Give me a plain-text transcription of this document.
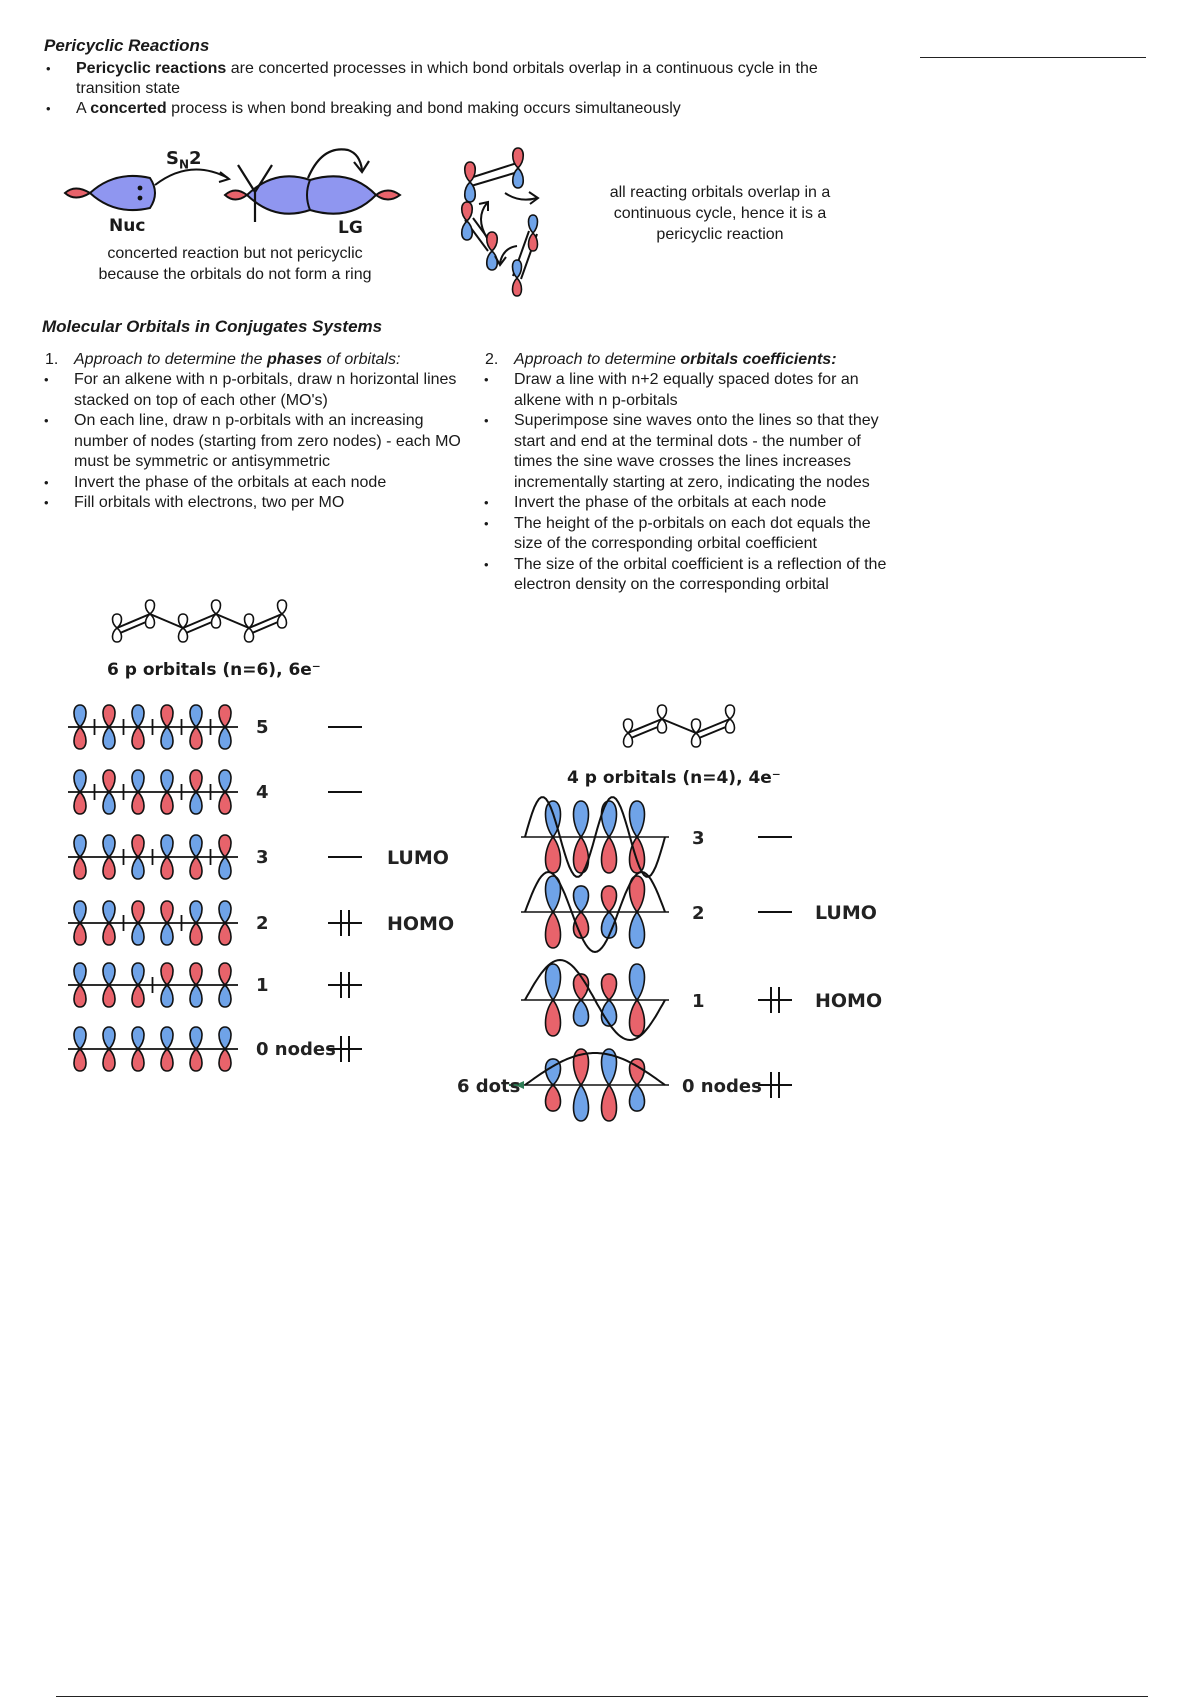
Pericyclic Reactions
• Pericyclic reactions are concerted processes in which bond orbitals overlap in a continuous cycle in the transition state
• A concerted process is when bond breaking and bond making occurs simultaneously
$S_N2$
Nuc	LG
concerted reaction but not pericyclic
because the orbitals do not form a ring
all reacting orbitals overlap in a
continuous cycle, hence it is a
pericyclic reaction
Molecular Orbitals in Conjugates Systems
1. Approach to determine the phases of orbitals:
• For an alkene with n p-orbitals, draw n horizontal lines stacked on top of each other (MO's)
• On each line, draw n p-orbitals with an increasing number of nodes (starting from zero nodes) - each MO must be symmetric or antisymmetric
• Invert the phase of the orbitals at each node
• Fill orbitals with electrons, two per MO
2. Approach to determine orbitals coefficients:
• Draw a line with n+2 equally spaced dotes for an alkene with n p-orbitals
• Superimpose sine waves onto the lines so that they start and end at the terminal dots - the number of times the sine wave crosses the lines increases incrementally starting at zero, indicating the nodes
• Invert the phase of the orbitals at each node
• The height of the p-orbitals on each dot equals the size of the corresponding orbital coefficient
• The size of the orbital coefficient is a reflection of the electron density on the corresponding orbital
6 p orbitals (n=6), 6e⁻
5
4
3	LUMO
2	HOMO
1
0 nodes
4 p orbitals (n=4), 4e⁻
3
2	LUMO
1	HOMO
0 nodes
6 dots
